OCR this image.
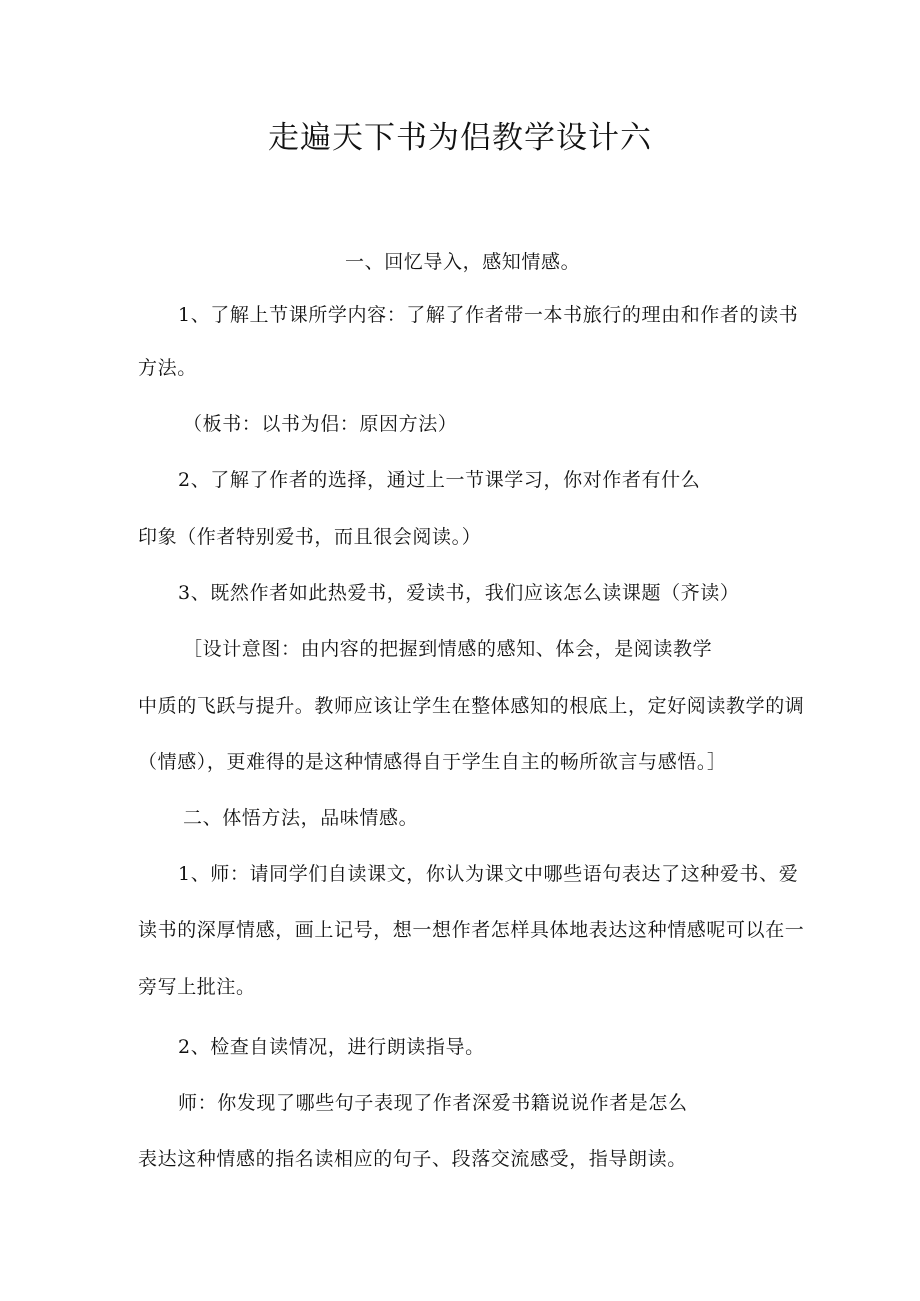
走遍天下书为侣教学设计六
一、回忆导入，感知情感。
1、了解上节课所学内容：了解了作者带一本书旅行的理由和作者的读书
方法。
（板书：以书为侣：原因方法）
2、了解了作者的选择，通过上一节课学习，你对作者有什么
印象（作者特别爱书，而且很会阅读。）
3、既然作者如此热爱书，爱读书，我们应该怎么读课题（齐读）
［设计意图：由内容的把握到情感的感知、体会，是阅读教学
中质的飞跃与提升。教师应该让学生在整体感知的根底上，定好阅读教学的调
（情感），更难得的是这种情感得自于学生自主的畅所欲言与感悟。］
二、体悟方法，品味情感。
1、师：请同学们自读课文，你认为课文中哪些语句表达了这种爱书、爱
读书的深厚情感，画上记号，想一想作者怎样具体地表达这种情感呢可以在一
旁写上批注。
2、检查自读情况，进行朗读指导。
师：你发现了哪些句子表现了作者深爱书籍说说作者是怎么
表达这种情感的指名读相应的句子、段落交流感受，指导朗读。
